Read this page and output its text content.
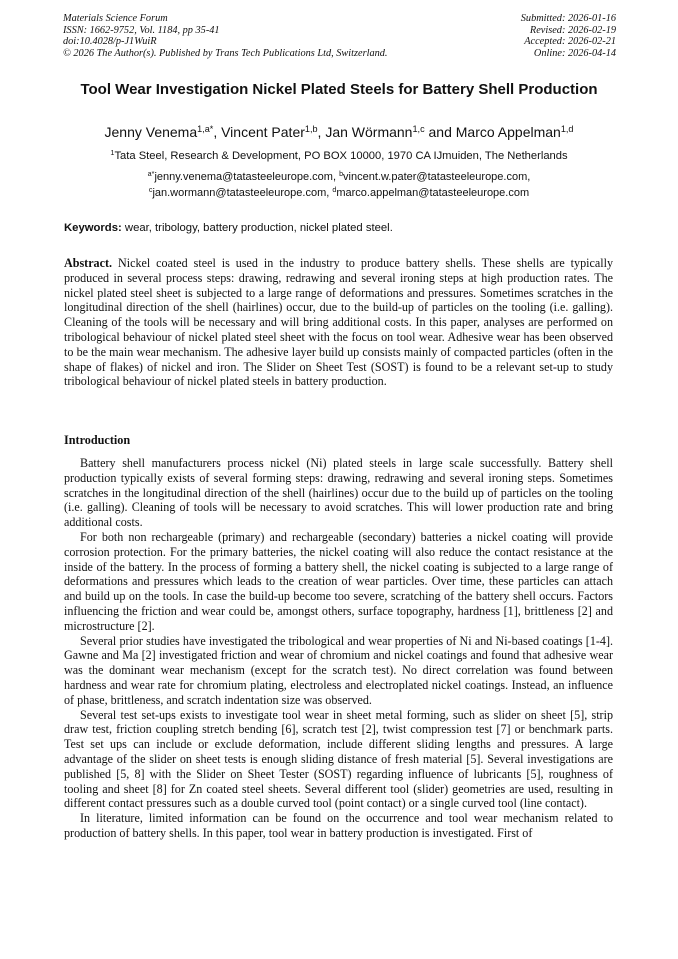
Materials Science Forum
ISSN: 1662-9752, Vol. 1184, pp 35-41
doi:10.4028/p-J1WuiR
© 2026 The Author(s). Published by Trans Tech Publications Ltd, Switzerland.
Submitted: 2026-01-16
Revised: 2026-02-19
Accepted: 2026-02-21
Online: 2026-04-14
Tool Wear Investigation Nickel Plated Steels for Battery Shell Production
Jenny Venema$^{1,a*}$, Vincent Pater$^{1,b}$, Jan Wörmann$^{1,c}$ and Marco Appelman$^{1,d}$
$^1$Tata Steel, Research & Development, PO BOX 10000, 1970 CA IJmuiden, The Netherlands
$^{a*}$jenny.venema@tatasteeleurope.com, $^b$vincent.w.pater@tatasteeleurope.com,
$^c$jan.wormann@tatasteeleurope.com, $^d$marco.appelman@tatasteeleurope.com
Keywords: wear, tribology, battery production, nickel plated steel.

Abstract. Nickel coated steel is used in the industry to produce battery shells. These shells are typically produced in several process steps: drawing, redrawing and several ironing steps at high production rates. The nickel plated steel sheet is subjected to a large range of deformations and pressures. Sometimes scratches in the longitudinal direction of the shell (hairlines) occur, due to the build-up of particles on the tooling (i.e. galling). Cleaning of the tools will be necessary and will bring additional costs. In this paper, analyses are performed on tribological behaviour of nickel plated steel sheet with the focus on tool wear. Adhesive wear has been observed to be the main wear mechanism. The adhesive layer build up consists mainly of compacted particles (often in the shape of flakes) of nickel and iron. The Slider on Sheet Test (SOST) is found to be a relevant set-up to study tribological behaviour of nickel plated steels in battery production.

Introduction

Battery shell manufacturers process nickel (Ni) plated steels in large scale successfully. Battery shell production typically exists of several forming steps: drawing, redrawing and several ironing steps. Sometimes scratches in the longitudinal direction of the shell (hairlines) occur due to the build up of particles on the tooling (i.e. galling). Cleaning of tools will be necessary to avoid scratches. This will lower production rate and bring additional costs.

For both non rechargeable (primary) and rechargeable (secondary) batteries a nickel coating will provide corrosion protection. For the primary batteries, the nickel coating will also reduce the contact resistance at the inside of the battery. In the process of forming a battery shell, the nickel coating is subjected to a large range of deformations and pressures which leads to the creation of wear particles. Over time, these particles can attach and build up on the tools. In case the build-up become too severe, scratching of the battery shell occurs. Factors influencing the friction and wear could be, amongst others, surface topography, hardness [1], brittleness [2] and microstructure [2].

Several prior studies have investigated the tribological and wear properties of Ni and Ni-based coatings [1-4]. Gawne and Ma [2] investigated friction and wear of chromium and nickel coatings and found that adhesive wear was the dominant wear mechanism (except for the scratch test). No direct correlation was found between hardness and wear rate for chromium plating, electroless and electroplated nickel coatings. Instead, an influence of phase, brittleness, and scratch indentation size was observed.

Several test set-ups exists to investigate tool wear in sheet metal forming, such as slider on sheet [5], strip draw test, friction coupling stretch bending [6], scratch test [2], twist compression test [7] or benchmark parts. Test set ups can include or exclude deformation, include different sliding lengths and pressures. A large advantage of the slider on sheet tests is enough sliding distance of fresh material [5]. Several investigations are published [5, 8] with the Slider on Sheet Tester (SOST) regarding influence of lubricants [5], roughness of tooling and sheet [8] for Zn coated steel sheets. Several different tool (slider) geometries are used, resulting in different contact pressures such as a double curved tool (point contact) or a single curved tool (line contact).

In literature, limited information can be found on the occurrence and tool wear mechanism related to production of battery shells. In this paper, tool wear in battery production is investigated. First of
